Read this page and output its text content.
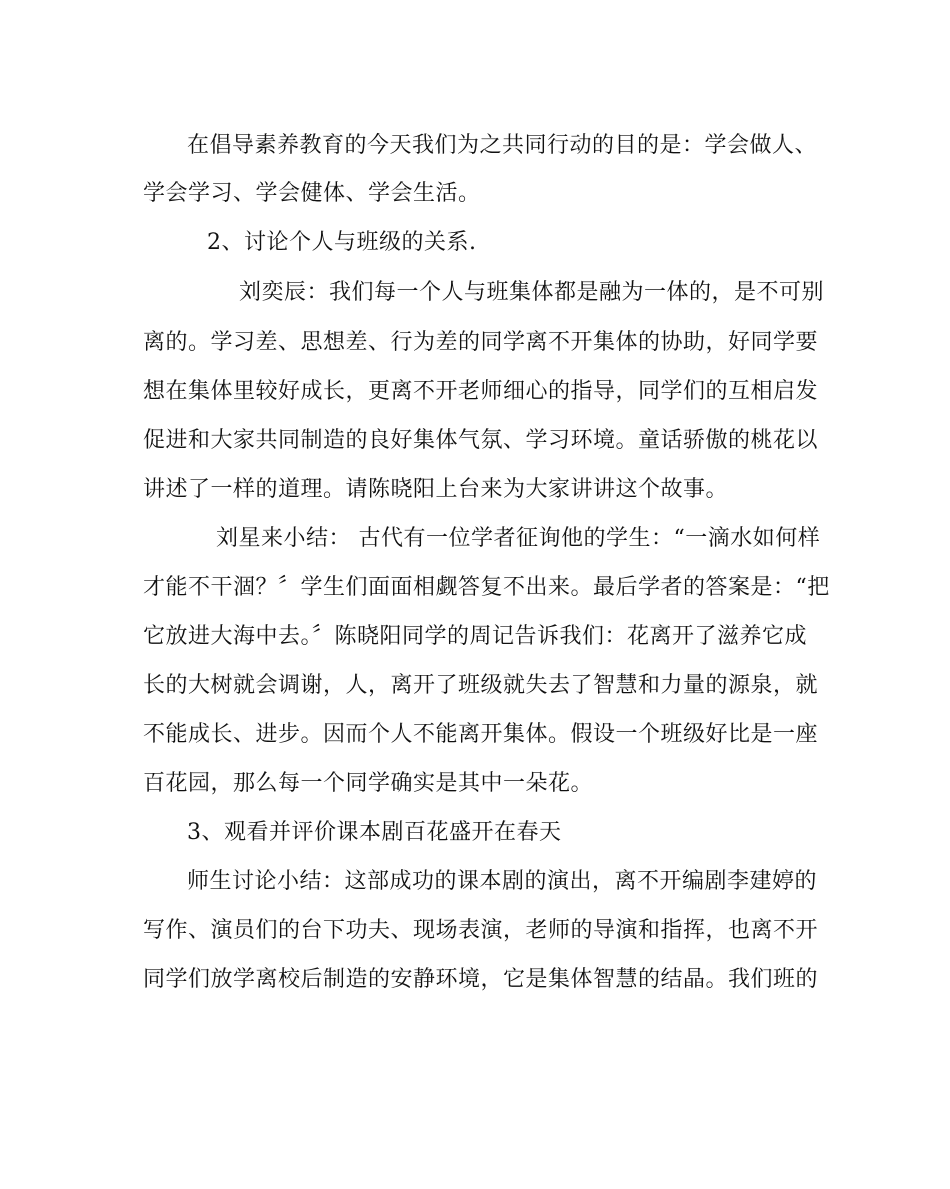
在倡导素养教育的今天我们为之共同行动的目的是：学会做人、
学会学习、学会健体、学会生活。
2、讨论个人与班级的关系.
刘奕辰：我们每一个人与班集体都是融为一体的，是不可别
离的。学习差、思想差、行为差的同学离不开集体的协助，好同学要
想在集体里较好成长，更离不开老师细心的指导，同学们的互相启发
促进和大家共同制造的良好集体气氛、学习环境。童话骄傲的桃花以
讲述了一样的道理。请陈晓阳上台来为大家讲讲这个故事。
刘星来小结： 古代有一位学者征询他的学生：“一滴水如何样
才能不干涸？〞学生们面面相觑答复不出来。最后学者的答案是：“把
它放进大海中去。〞陈晓阳同学的周记告诉我们：花离开了滋养它成
长的大树就会调谢，人，离开了班级就失去了智慧和力量的源泉，就
不能成长、进步。因而个人不能离开集体。假设一个班级好比是一座
百花园，那么每一个同学确实是其中一朵花。
3、观看并评价课本剧百花盛开在春天
师生讨论小结：这部成功的课本剧的演出，离不开编剧李建婷的
写作、演员们的台下功夫、现场表演，老师的导演和指挥，也离不开
同学们放学离校后制造的安静环境，它是集体智慧的结晶。我们班的
